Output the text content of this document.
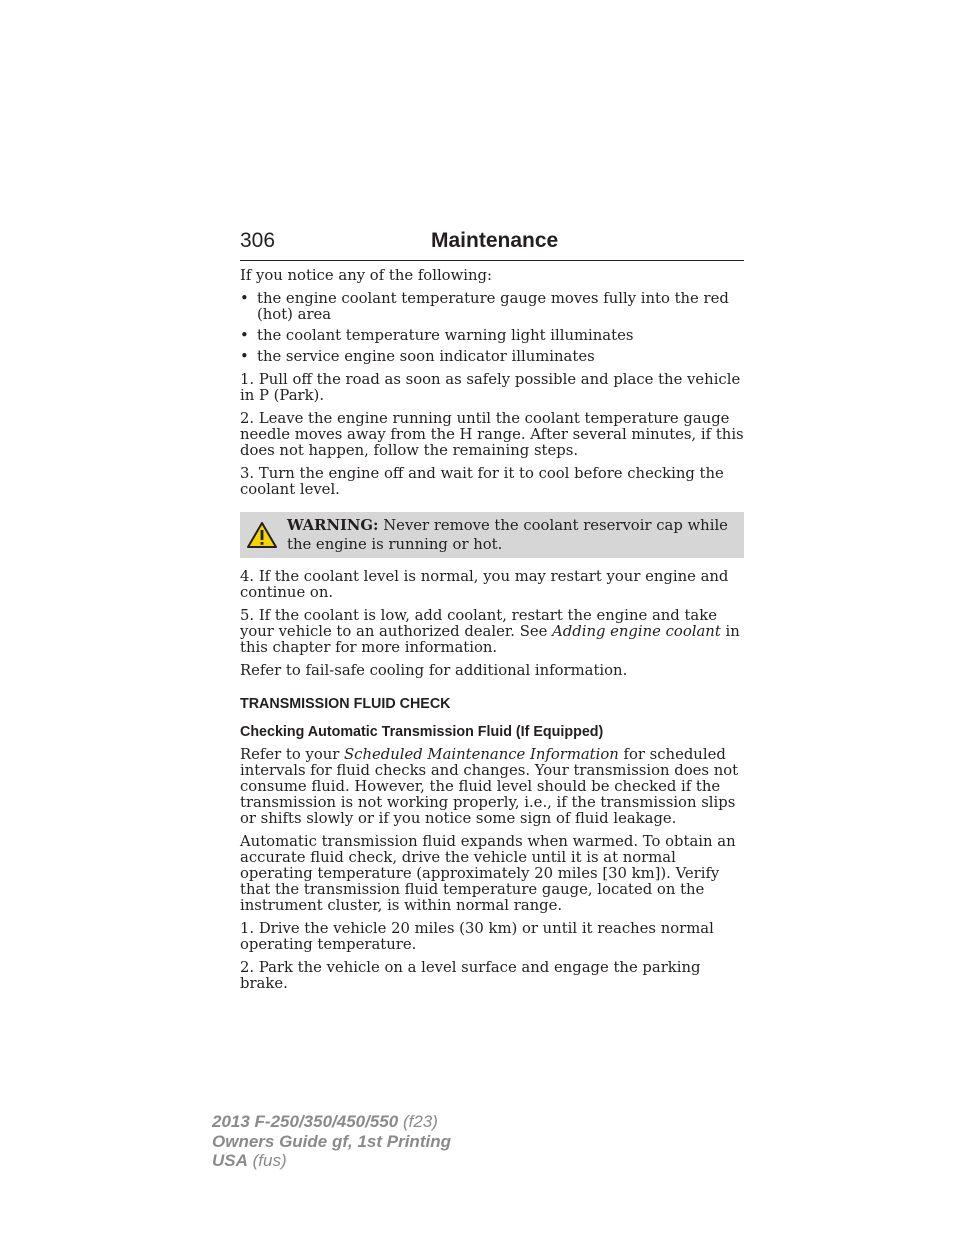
306	Maintenance

If you notice any of the following:

• the engine coolant temperature gauge moves fully into the red (hot) area
• the coolant temperature warning light illuminates
• the service engine soon indicator illuminates

1. Pull off the road as soon as safely possible and place the vehicle in P (Park).

2. Leave the engine running until the coolant temperature gauge needle moves away from the H range. After several minutes, if this does not happen, follow the remaining steps.

3. Turn the engine off and wait for it to cool before checking the coolant level.

WARNING: Never remove the coolant reservoir cap while the engine is running or hot.

4. If the coolant level is normal, you may restart your engine and continue on.

5. If the coolant is low, add coolant, restart the engine and take your vehicle to an authorized dealer. See Adding engine coolant in this chapter for more information.

Refer to fail-safe cooling for additional information.

TRANSMISSION FLUID CHECK
Checking Automatic Transmission Fluid (If Equipped)

Refer to your Scheduled Maintenance Information for scheduled intervals for fluid checks and changes. Your transmission does not consume fluid. However, the fluid level should be checked if the transmission is not working properly, i.e., if the transmission slips or shifts slowly or if you notice some sign of fluid leakage.

Automatic transmission fluid expands when warmed. To obtain an accurate fluid check, drive the vehicle until it is at normal operating temperature (approximately 20 miles [30 km]). Verify that the transmission fluid temperature gauge, located on the instrument cluster, is within normal range.

1. Drive the vehicle 20 miles (30 km) or until it reaches normal operating temperature.

2. Park the vehicle on a level surface and engage the parking brake.

2013 F-250/350/450/550 (f23)
Owners Guide gf, 1st Printing
USA (fus)
